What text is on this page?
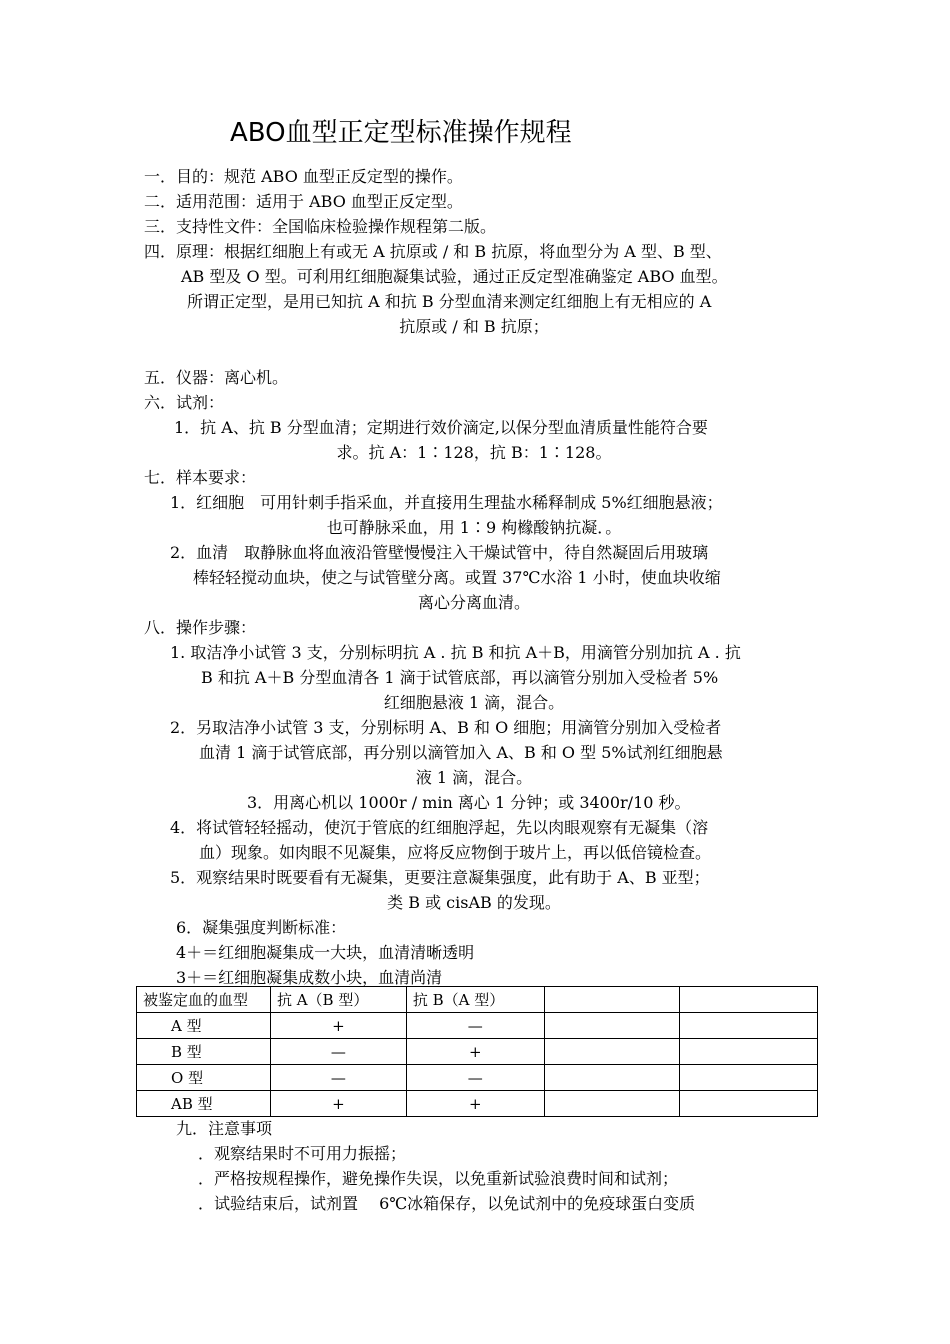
ABO血型正定型标准操作规程
一．目的：规范 ABO 血型正反定型的操作。
二．适用范围：适用于 ABO 血型正反定型。
三．支持性文件：全国临床检验操作规程第二版。
四．原理：根据红细胞上有或无 A 抗原或 / 和 B 抗原，将血型分为 A 型、B 型、
AB 型及 O 型。可利用红细胞凝集试验，通过正反定型准确鉴定 ABO 血型。
所谓正定型，是用已知抗 A 和抗 B 分型血清来测定红细胞上有无相应的 A
抗原或 / 和 B 抗原；
五．仪器：离心机。
六．试剂：
1．抗 A、抗 B 分型血清；定期进行效价滴定,以保分型血清质量性能符合要
求。抗 A：1∶128，抗 B：1∶128。
七．样本要求：
1．红细胞　可用针刺手指采血，并直接用生理盐水稀释制成 5%红细胞悬液；
也可静脉采血，用 1∶9 枸橼酸钠抗凝．。
2．血清　取静脉血将血液沿管壁慢慢注入干燥试管中，待自然凝固后用玻璃
棒轻轻搅动血块，使之与试管壁分离。或置 37℃水浴 1 小时，使血块收缩
离心分离血清。
八．操作步骤：
1. 取洁净小试管 3 支，分别标明抗 A . 抗 B 和抗 A＋B，用滴管分别加抗 A . 抗
B 和抗 A＋B 分型血清各 1 滴于试管底部，再以滴管分别加入受检者 5%
红细胞悬液 1 滴，混合。
2．另取洁净小试管 3 支，分别标明 A、B 和 O 细胞；用滴管分别加入受检者
血清 1 滴于试管底部，再分别以滴管加入 A、B 和 O 型 5%试剂红细胞悬
液 1 滴，混合。
3．用离心机以 1000r / min 离心 1 分钟；或 3400r/10 秒。
4．将试管轻轻摇动，使沉于管底的红细胞浮起，先以肉眼观察有无凝集（溶
血）现象。如肉眼不见凝集，应将反应物倒于玻片上，再以低倍镜检查。
5．观察结果时既要看有无凝集，更要注意凝集强度，此有助于 A、B 亚型；
类 B 或 cisAB 的发现。
6．凝集强度判断标准：
4＋＝红细胞凝集成一大块，血清清晰透明
3＋＝红细胞凝集成数小块，血清尚清
被鉴定血的血型	抗 A（B 型）	抗 B（A 型）		
A 型	+	—		
B 型	—	+		
O 型	—	—		
AB 型	+	+		
九．注意事项
．观察结果时不可用力振摇；
．严格按规程操作，避免操作失误，以免重新试验浪费时间和试剂；
．试验结束后，试剂置　 6℃冰箱保存，以免试剂中的免疫球蛋白变质
